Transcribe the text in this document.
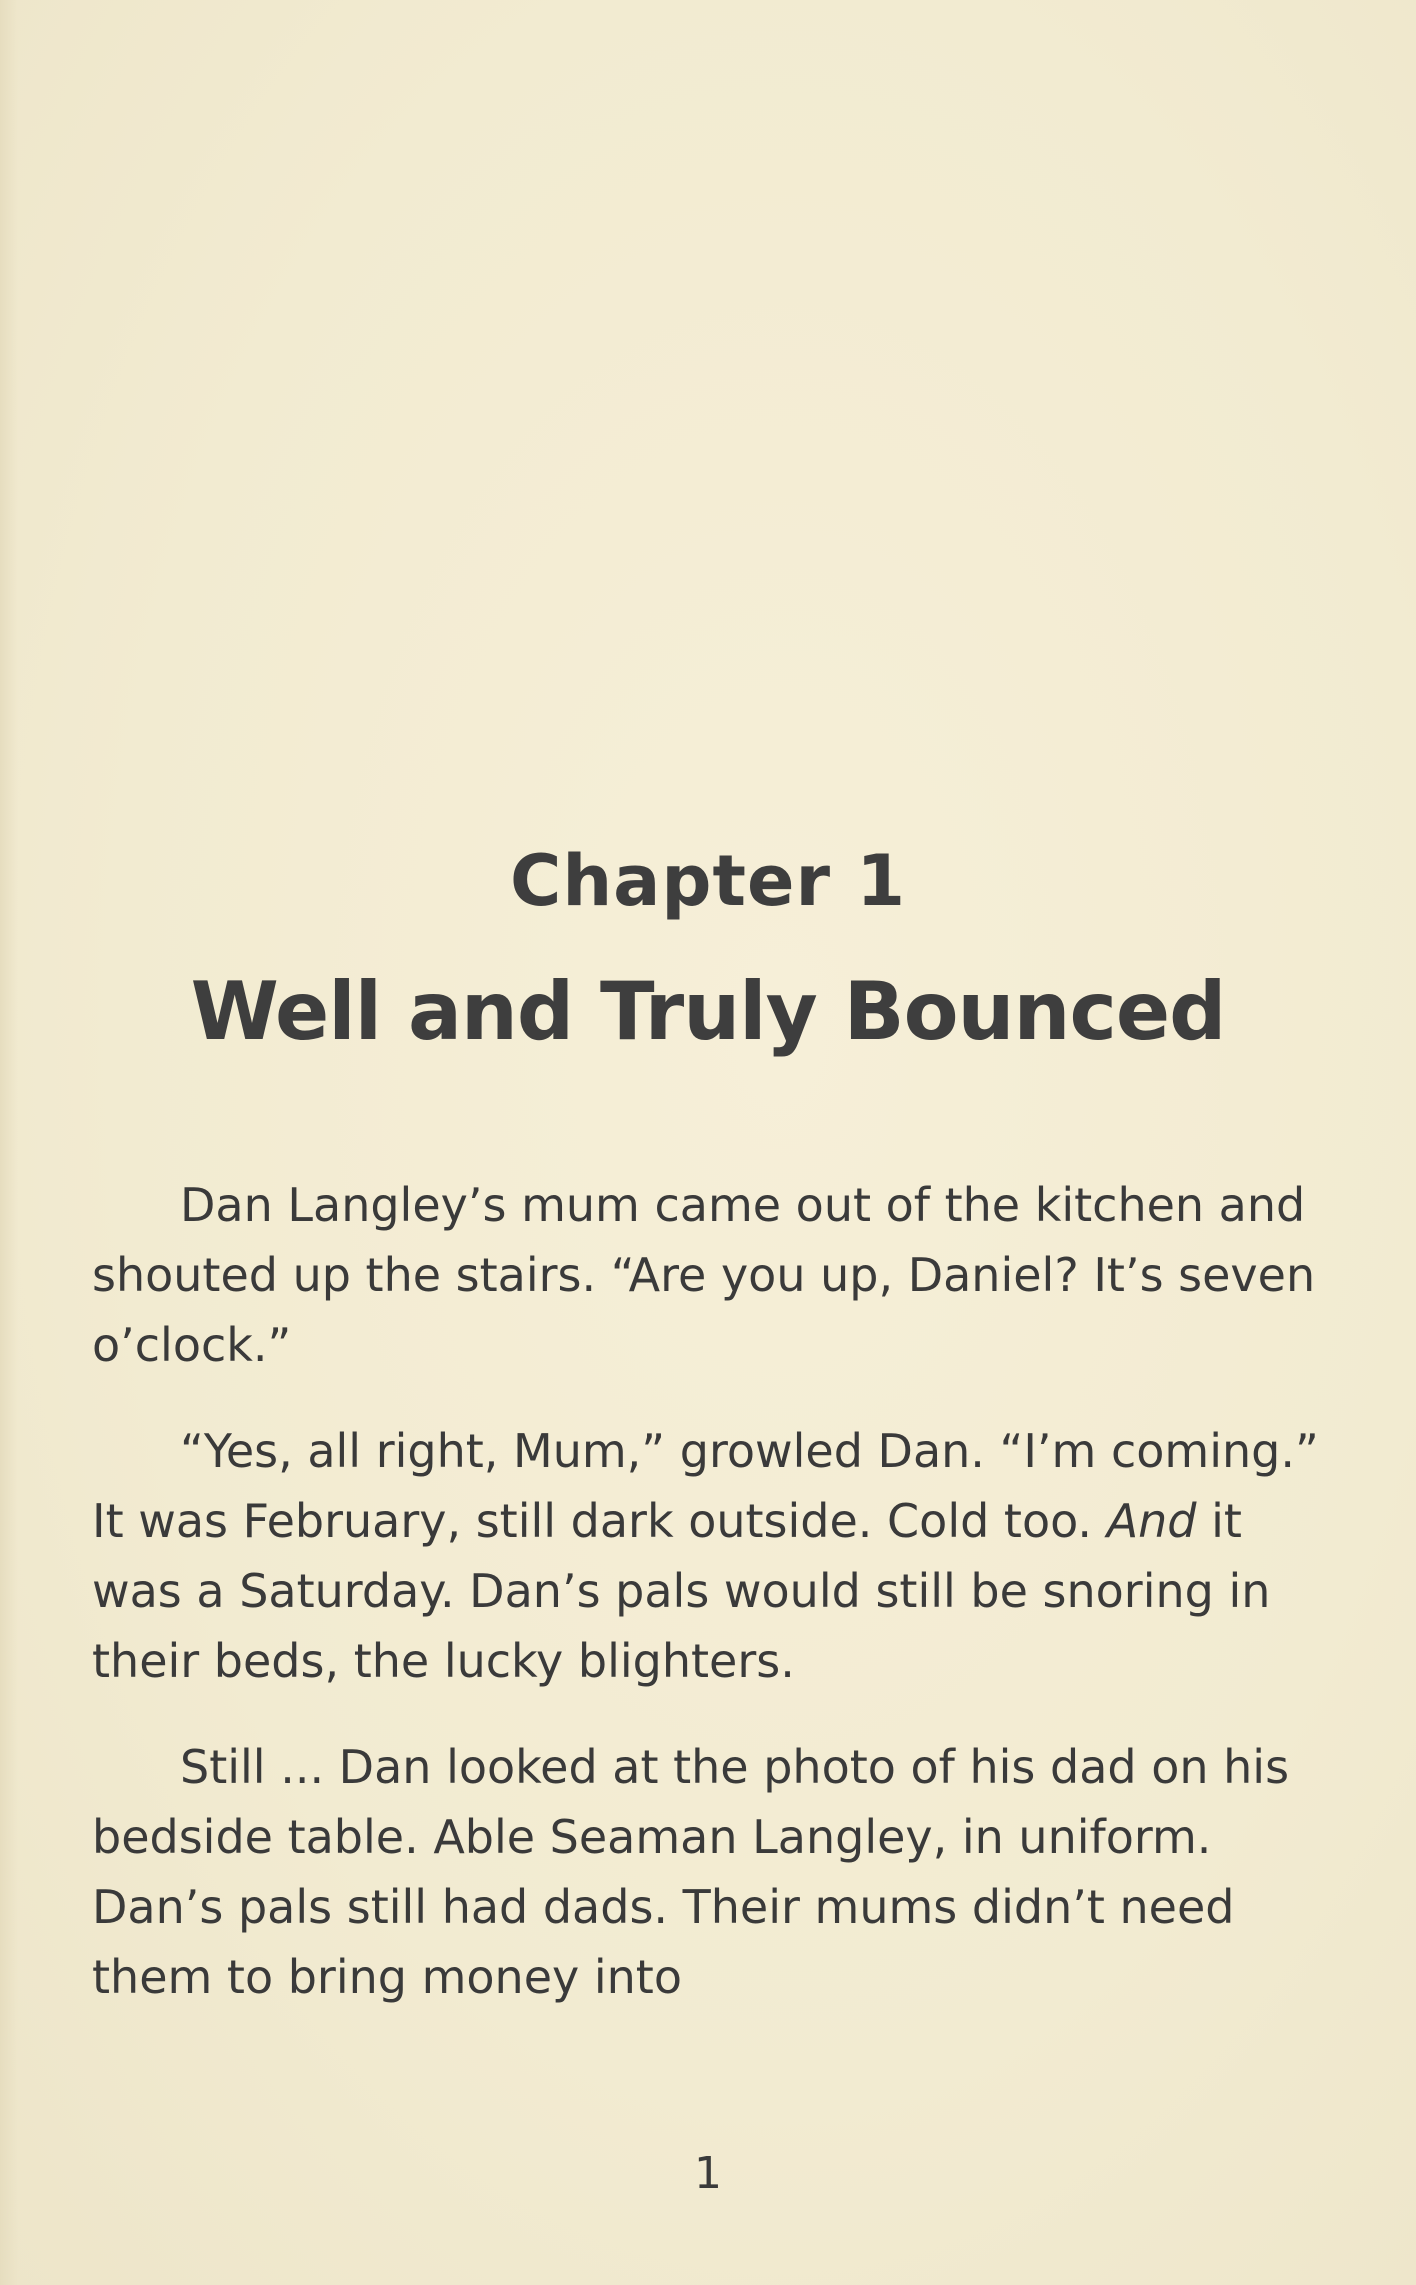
Chapter 1
Well and Truly Bounced

Dan Langley’s mum came out of the kitchen and shouted up the stairs. “Are you up, Daniel? It’s seven o’clock.”

“Yes, all right, Mum,” growled Dan. “I’m coming.” It was February, still dark outside. Cold too. And it was a Saturday. Dan’s pals would still be snoring in their beds, the lucky blighters.

Still ... Dan looked at the photo of his dad on his bedside table. Able Seaman Langley, in uniform. Dan’s pals still had dads. Their mums didn’t need them to bring money into

1
